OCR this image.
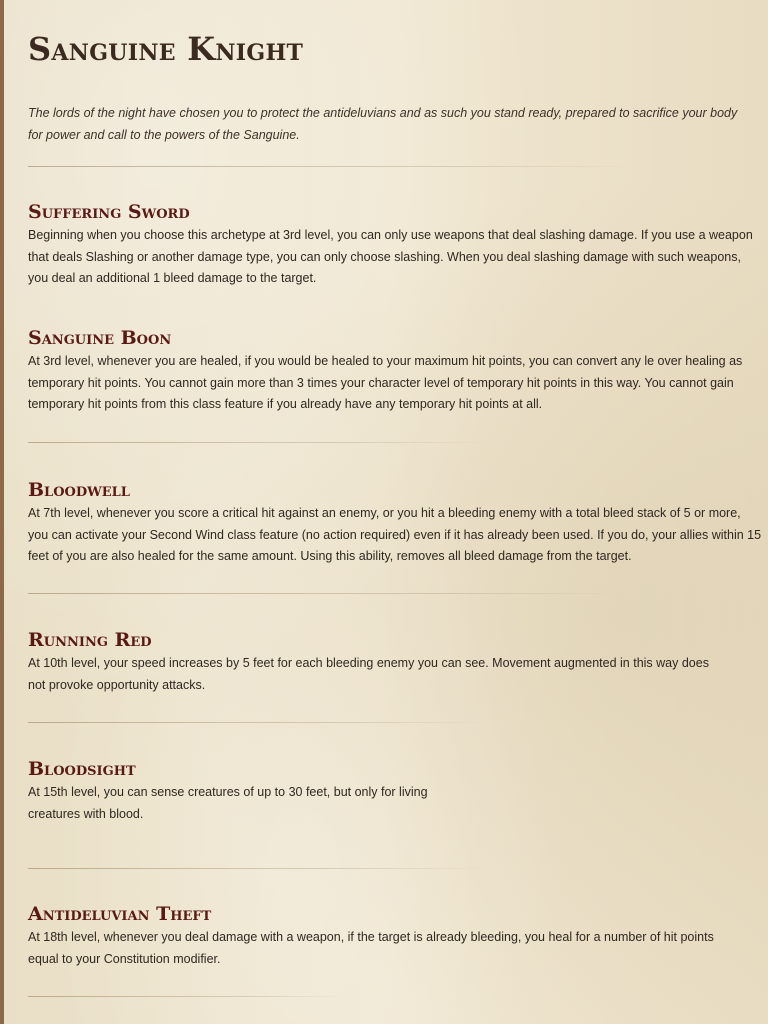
Sanguine Knight

The lords of the night have chosen you to protect the antideluvians and as such you stand ready, prepared to sacrifice your body for power and call to the powers of the Sanguine.

Suffering Sword

Beginning when you choose this archetype at 3rd level, you can only use weapons that deal slashing damage. If you use a weapon that deals Slashing or another damage type, you can only choose slashing. When you deal slashing damage with such weapons, you deal an additional 1 bleed damage to the target.

Sanguine Boon

At 3rd level, whenever you are healed, if you would be healed to your maximum hit points, you can convert any le over healing as temporary hit points. You cannot gain more than 3 times your character level of temporary hit points in this way. You cannot gain temporary hit points from this class feature if you already have any temporary hit points at all.

Bloodwell

At 7th level, whenever you score a critical hit against an enemy, or you hit a bleeding enemy with a total bleed stack of 5 or more, you can activate your Second Wind class feature (no action required) even if it has already been used. If you do, your allies within 15 feet of you are also healed for the same amount. Using this ability, removes all bleed damage from the target.

Running Red

At 10th level, your speed increases by 5 feet for each bleeding enemy you can see. Movement augmented in this way does not provoke opportunity attacks.

Bloodsight

At 15th level, you can sense creatures of up to 30 feet, but only for living creatures with blood.

Antideluvian Theft

At 18th level, whenever you deal damage with a weapon, if the target is already bleeding, you heal for a number of hit points equal to your Constitution modifier.
